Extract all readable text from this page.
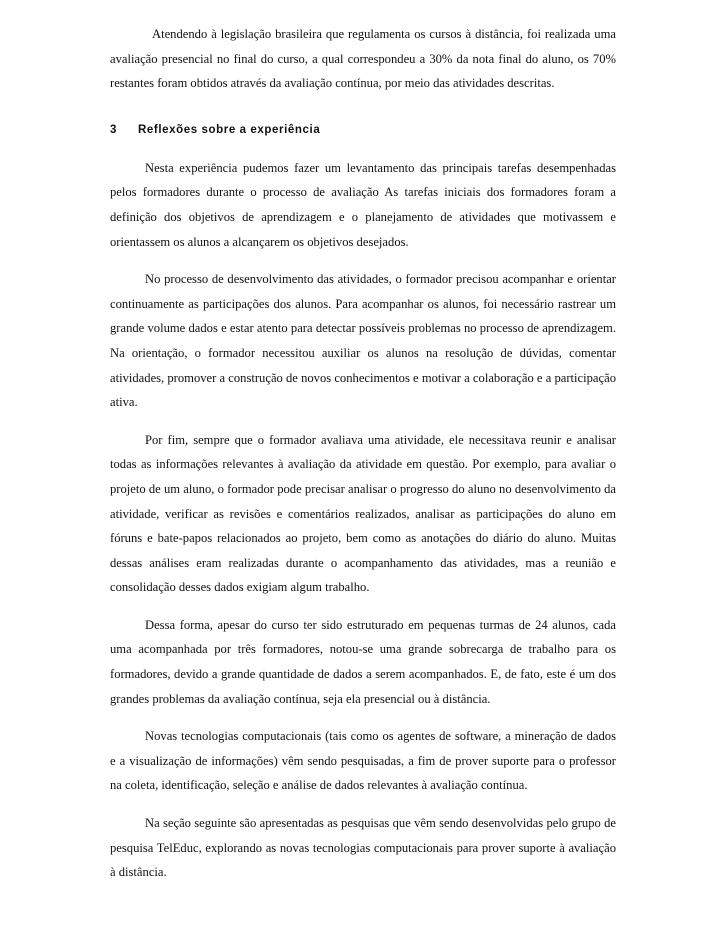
Atendendo à legislação brasileira que regulamenta os cursos à distância, foi realizada uma avaliação presencial no final do curso, a qual correspondeu a 30% da nota final do aluno, os 70% restantes foram obtidos através da avaliação contínua, por meio das atividades descritas.

3	Reflexões sobre a experiência

Nesta experiência pudemos fazer um levantamento das principais tarefas desempenhadas pelos formadores durante o processo de avaliação As tarefas iniciais dos formadores foram a definição dos objetivos de aprendizagem e o planejamento de atividades que motivassem e orientassem os alunos a alcançarem os objetivos desejados.

No processo de desenvolvimento das atividades, o formador precisou acompanhar e orientar continuamente as participações dos alunos. Para acompanhar os alunos, foi necessário rastrear um grande volume dados e estar atento para detectar possíveis problemas no processo de aprendizagem. Na orientação, o formador necessitou auxiliar os alunos na resolução de dúvidas, comentar atividades, promover a construção de novos conhecimentos e motivar a colaboração e a participação ativa.

Por fim, sempre que o formador avaliava uma atividade, ele necessitava reunir e analisar todas as informações relevantes à avaliação da atividade em questão. Por exemplo, para avaliar o projeto de um aluno, o formador pode precisar analisar o progresso do aluno no desenvolvimento da atividade, verificar as revisões e comentários realizados, analisar as participações do aluno em fóruns e bate-papos relacionados ao projeto, bem como as anotações do diário do aluno. Muitas dessas análises eram realizadas durante o acompanhamento das atividades, mas a reunião e consolidação desses dados exigiam algum trabalho.

Dessa forma, apesar do curso ter sido estruturado em pequenas turmas de 24 alunos, cada uma acompanhada por três formadores, notou-se uma grande sobrecarga de trabalho para os formadores, devido a grande quantidade de dados a serem acompanhados. E, de fato, este é um dos grandes problemas da avaliação contínua, seja ela presencial ou à distância.

Novas tecnologias computacionais (tais como os agentes de software, a mineração de dados e a visualização de informações) vêm sendo pesquisadas, a fim de prover suporte para o professor na coleta, identificação, seleção e análise de dados relevantes à avaliação contínua.

Na seção seguinte são apresentadas as pesquisas que vêm sendo desenvolvidas pelo grupo de pesquisa TelEduc, explorando as novas tecnologias computacionais para prover suporte à avaliação à distância.
